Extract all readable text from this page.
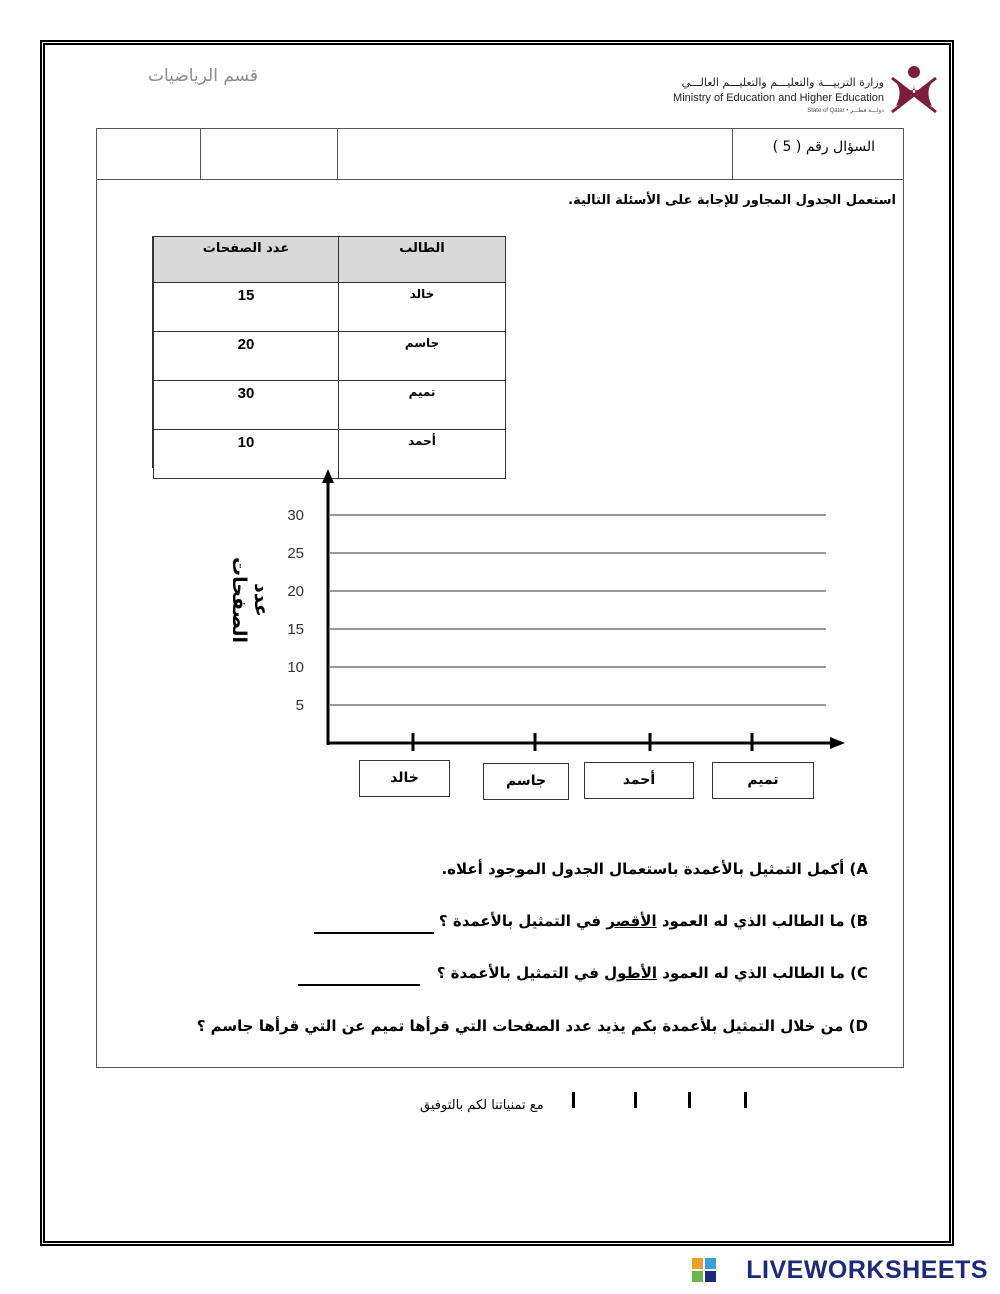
قسم الرياضيات	وزارة التربيـــة والتعليـــم والتعليـــم العالـــي
Ministry of Education and Higher Education
State of Qatar • دولـــة قطـــر
السؤال رقم ( 5 )
استعمل الجدول المجاور للإجابة على الأسئلة التالية.
الطالب	عدد الصفحات
خالد	15
جاسم	20
تميم	30
أحمد	10
عدد الصفحات
5
10
15
20
25
30
خالد	جاسم	أحمد	تميم
A) أكمل التمثيل بالأعمدة باستعمال الجدول الموجود أعلاه.
B) ما الطالب الذي له العمود الأقصر في التمثيل بالأعمدة ؟
C) ما الطالب الذي له العمود الأطول في التمثيل بالأعمدة ؟
D) من خلال التمثيل بلأعمدة بكم يذيد عدد الصفحات التي قرأها تميم عن التي قرأها جاسم ؟
مع تمنياتنا لكم بالتوفيق
LIVEWORKSHEETS
